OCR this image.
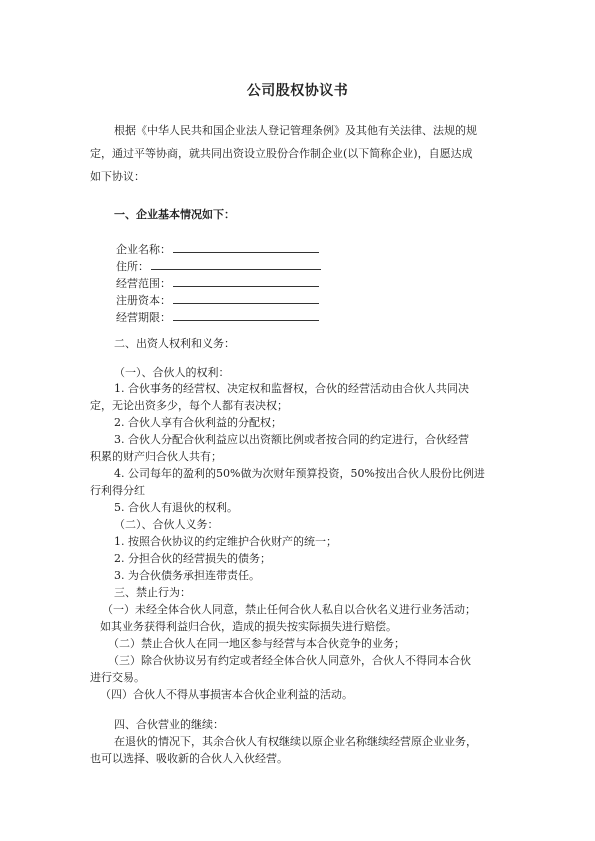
公司股权协议书
根据《中华人民共和国企业法人登记管理条例》及其他有关法律、法规的规
定，通过平等协商，就共同出资设立股份合作制企业(以下简称企业)，自愿达成
如下协议：
一、企业基本情况如下：
企业名称：
住所：
经营范围：
注册资本：
经营期限：
二、出资人权利和义务：
（一）、合伙人的权利：
1. 合伙事务的经营权、决定权和监督权，合伙的经营活动由合伙人共同决
定，无论出资多少，每个人都有表决权；
2. 合伙人享有合伙利益的分配权；
3. 合伙人分配合伙利益应以出资额比例或者按合同的约定进行，合伙经营
积累的财产归合伙人共有；
4. 公司每年的盈利的50%做为次财年预算投资，50%按出合伙人股份比例进
行利得分红
5. 合伙人有退伙的权利。
（二）、合伙人义务：
1. 按照合伙协议的约定维护合伙财产的统一；
2. 分担合伙的经营损失的债务；
3. 为合伙债务承担连带责任。
三、禁止行为：
（一）未经全体合伙人同意，禁止任何合伙人私自以合伙名义进行业务活动；
如其业务获得利益归合伙，造成的损失按实际损失进行赔偿。
（二）禁止合伙人在同一地区参与经营与本合伙竞争的业务；
（三）除合伙协议另有约定或者经全体合伙人同意外，合伙人不得同本合伙
进行交易。
（四）合伙人不得从事损害本合伙企业利益的活动。
四、合伙营业的继续：
在退伙的情况下，其余合伙人有权继续以原企业名称继续经营原企业业务，
也可以选择、吸收新的合伙人入伙经营。
